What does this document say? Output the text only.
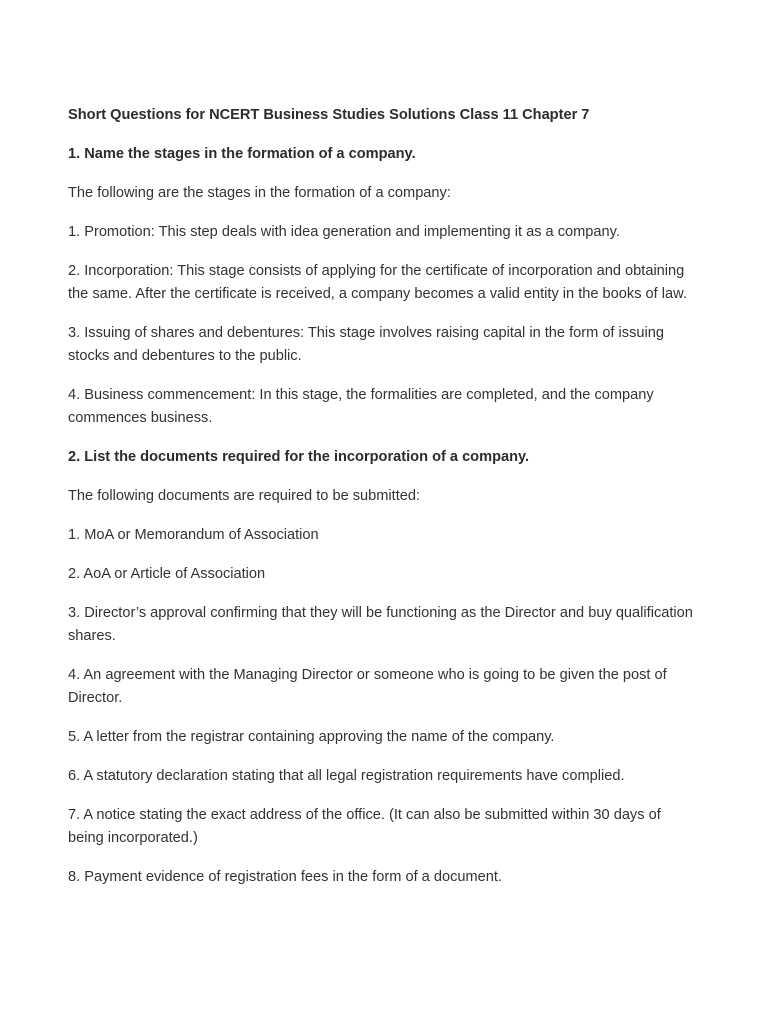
Short Questions for NCERT Business Studies Solutions Class 11 Chapter 7

1. Name the stages in the formation of a company.

The following are the stages in the formation of a company:

1. Promotion: This step deals with idea generation and implementing it as a company.

2. Incorporation: This stage consists of applying for the certificate of incorporation and obtaining the same. After the certificate is received, a company becomes a valid entity in the books of law.

3. Issuing of shares and debentures: This stage involves raising capital in the form of issuing stocks and debentures to the public.

4. Business commencement: In this stage, the formalities are completed, and the company commences business.

2. List the documents required for the incorporation of a company.

The following documents are required to be submitted:

1. MoA or Memorandum of Association

2. AoA or Article of Association

3. Director’s approval confirming that they will be functioning as the Director and buy qualification shares.

4. An agreement with the Managing Director or someone who is going to be given the post of Director.

5. A letter from the registrar containing approving the name of the company.

6. A statutory declaration stating that all legal registration requirements have complied.

7. A notice stating the exact address of the office. (It can also be submitted within 30 days of being incorporated.)

8. Payment evidence of registration fees in the form of a document.
